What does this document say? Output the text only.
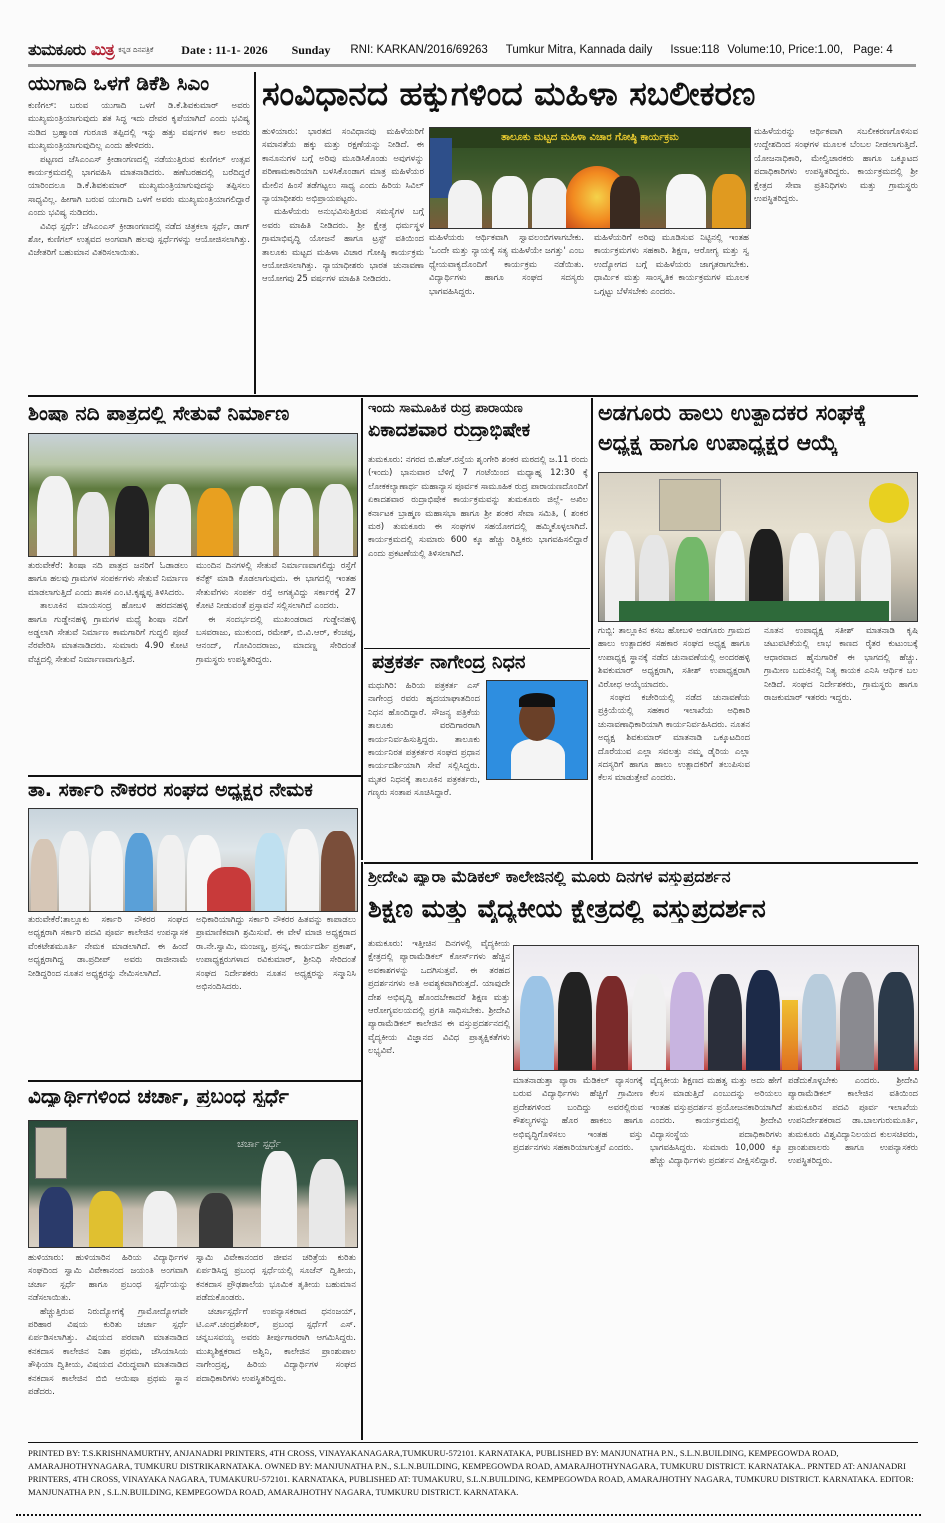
ತುಮಕೂರು ಮಿತ್ರ ಕನ್ನಡ ದಿನಪತ್ರಿಕೆ Date : 11-1- 2026 Sunday RNI: KARKAN/2016/69263 Tumkur Mitra, Kannada daily Issue:118 Volume:10, Price:1.00, Page: 4
ಯುಗಾದಿ ಒಳಗೆ ಡಿಕೆಶಿ ಸಿಎಂ

ಕುಣಿಗಲ್: ಬರುವ ಯುಗಾದಿ ಒಳಗೆ ಡಿ.ಕೆ.ಶಿವಕುಮಾರ್ ಅವರು ಮುಖ್ಯಮಂತ್ರಿಯಾಗುವುದು ಶತ ಸಿದ್ಧ ಇದು ದೇವರ ಕೃಪೆಯಾಗಿದೆ ಎಂದು ಭವಿಷ್ಯ ನುಡಿದ ಬ್ರಹ್ಮಾಂಡ ಗುರೂಜಿ ತಪ್ಪಿದಲ್ಲಿ ಇನ್ನು ಹತ್ತು ವರ್ಷಗಳ ಕಾಲ ಅವರು ಮುಖ್ಯಮಂತ್ರಿಯಾಗುವುದಿಲ್ಲ ಎಂದು ಹೇಳಿದರು.

ಪಟ್ಟಣದ ಜೆಸಿಎಂಎಸ್ ಕ್ರೀಡಾಂಗಣದಲ್ಲಿ ನಡೆಯುತ್ತಿರುವ ಕುಣಿಗಲ್ ಉತ್ಸವ ಕಾರ್ಯಕ್ರಮದಲ್ಲಿ ಭಾಗವಹಿಸಿ ಮಾತನಾಡಿದರು. ಹಣೆಬರಹದಲ್ಲಿ ಬರೆದಿದ್ದರೆ ಯಾರಿಂದಲೂ ಡಿ.ಕೆ.ಶಿವಕುಮಾರ್ ಮುಖ್ಯಮಂತ್ರಿಯಾಗುವುದನ್ನು ತಪ್ಪಿಸಲು ಸಾಧ್ಯವಿಲ್ಲ. ಹೀಗಾಗಿ ಬರುವ ಯುಗಾದಿ ಒಳಗೆ ಅವರು ಮುಖ್ಯಮಂತ್ರಿಯಾಗಲಿದ್ದಾರೆ ಎಂದು ಭವಿಷ್ಯ ನುಡಿದರು.

ವಿವಿಧ ಸ್ಪರ್ಧೆ: ಜೆಸಿಎಂಎಸ್ ಕ್ರೀಡಾಂಗಣದಲ್ಲಿ ನಡೆದ ಚಿತ್ರಕಲಾ ಸ್ಪರ್ಧೆ, ಡಾಗ್ ಶೋ, ಕುಣಿಗಲ್ ಉತ್ಸವದ ಅಂಗವಾಗಿ ಹಲವು ಸ್ಪರ್ಧೆಗಳನ್ನು ಆಯೋಜಿಸಲಾಗಿತ್ತು. ವಿಜೇತರಿಗೆ ಬಹುಮಾನ ವಿತರಿಸಲಾಯಿತು.

ಸಂವಿಧಾನದ ಹಕ್ಕುಗಳಿಂದ ಮಹಿಳಾ ಸಬಲೀಕರಣ

ಹುಳಿಯಾರು: ಭಾರತದ ಸಂವಿಧಾನವು ಮಹಿಳೆಯರಿಗೆ ಸಮಾನತೆಯ ಹಕ್ಕು ಮತ್ತು ರಕ್ಷಣೆಯನ್ನು ನೀಡಿದೆ. ಈ ಕಾನೂನುಗಳ ಬಗ್ಗೆ ಅರಿವು ಮೂಡಿಸಿಕೊಂಡು ಅವುಗಳನ್ನು ಪರಿಣಾಮಕಾರಿಯಾಗಿ ಬಳಸಿಕೊಂಡಾಗ ಮಾತ್ರ ಮಹಿಳೆಯರ ಮೇಲಿನ ಹಿಂಸೆ ತಡೆಗಟ್ಟಲು ಸಾಧ್ಯ ಎಂದು ಹಿರಿಯ ಸಿವಿಲ್ ನ್ಯಾಯಾಧೀಶರು ಅಭಿಪ್ರಾಯಪಟ್ಟರು.

ಮಹಿಳೆಯರು ಅನುಭವಿಸುತ್ತಿರುವ ಸಮಸ್ಯೆಗಳ ಬಗ್ಗೆ ಅವರು ಮಾಹಿತಿ ನೀಡಿದರು. ಶ್ರೀ ಕ್ಷೇತ್ರ ಧರ್ಮಸ್ಥಳ ಗ್ರಾಮಾಭಿವೃದ್ಧಿ ಯೋಜನೆ ಹಾಗೂ ಟ್ರಸ್ಟ್ ವತಿಯಿಂದ ತಾಲೂಕು ಮಟ್ಟದ ಮಹಿಳಾ ವಿಚಾರ ಗೋಷ್ಠಿ ಕಾರ್ಯಕ್ರಮ ಆಯೋಜಿಸಲಾಗಿತ್ತು. ನ್ಯಾಯಾಧೀಶರು ಭಾರತ ಚುನಾವಣಾ ಆಯೋಗವು 25 ವರ್ಷಗಳ ಮಾಹಿತಿ ನೀಡಿದರು.

ತಾಲೂಕು ಮಟ್ಟದ ಮಹಿಳಾ ವಿಚಾರ ಗೋಷ್ಠಿ ಕಾರ್ಯಕ್ರಮ

ಮಹಿಳೆಯರು ಆರ್ಥಿಕವಾಗಿ ಸ್ವಾವಲಂಬಿಗಳಾಗಬೇಕು. 'ಒಂದೇ ಮತ್ತು ನ್ಯಾಯಕ್ಕೆ ಸತ್ಯ ಮಹಿಳೆಯೇ ಜಗತ್ತು' ಎಂಬ ಧ್ಯೇಯವಾಕ್ಯದೊಂದಿಗೆ ಕಾರ್ಯಕ್ರಮ ನಡೆಯಿತು. ವಿದ್ಯಾರ್ಥಿಗಳು ಹಾಗೂ ಸಂಘದ ಸದಸ್ಯರು ಭಾಗವಹಿಸಿದ್ದರು.

ಮಹಿಳೆಯರಿಗೆ ಅರಿವು ಮೂಡಿಸುವ ನಿಟ್ಟಿನಲ್ಲಿ ಇಂತಹ ಕಾರ್ಯಕ್ರಮಗಳು ಸಹಕಾರಿ. ಶಿಕ್ಷಣ, ಆರೋಗ್ಯ ಮತ್ತು ಸ್ವ ಉದ್ಯೋಗದ ಬಗ್ಗೆ ಮಹಿಳೆಯರು ಜಾಗೃತರಾಗಬೇಕು. ಧಾರ್ಮಿಕ ಮತ್ತು ಸಾಂಸ್ಕೃತಿಕ ಕಾರ್ಯಕ್ರಮಗಳ ಮೂಲಕ ಒಗ್ಗಟ್ಟು ಬೆಳೆಸಬೇಕು ಎಂದರು.

ಮಹಿಳೆಯರನ್ನು ಆರ್ಥಿಕವಾಗಿ ಸಬಲೀಕರಣಗೊಳಿಸುವ ಉದ್ದೇಶದಿಂದ ಸಂಘಗಳ ಮೂಲಕ ಬೆಂಬಲ ನೀಡಲಾಗುತ್ತಿದೆ. ಯೋಜನಾಧಿಕಾರಿ, ಮೇಲ್ವಿಚಾರಕರು ಹಾಗೂ ಒಕ್ಕೂಟದ ಪದಾಧಿಕಾರಿಗಳು ಉಪಸ್ಥಿತರಿದ್ದರು. ಕಾರ್ಯಕ್ರಮದಲ್ಲಿ ಶ್ರೀ ಕ್ಷೇತ್ರದ ಸೇವಾ ಪ್ರತಿನಿಧಿಗಳು ಮತ್ತು ಗ್ರಾಮಸ್ಥರು ಉಪಸ್ಥಿತರಿದ್ದರು.

ಶಿಂಷಾ ನದಿ ಪಾತ್ರದಲ್ಲಿ ಸೇತುವೆ ನಿರ್ಮಾಣ

ತುರುವೇಕೆರೆ: ಶಿಂಷಾ ನದಿ ಪಾತ್ರದ ಜನರಿಗೆ ಓಡಾಡಲು ಹಾಗೂ ಹಲವು ಗ್ರಾಮಗಳ ಸಂಪರ್ಕಗಳು ಸೇತುವೆ ನಿರ್ಮಾಣ ಮಾಡಲಾಗುತ್ತಿದೆ ಎಂದು ಶಾಸಕ ಎಂ.ಟಿ.ಕೃಷ್ಣಪ್ಪ ತಿಳಿಸಿದರು.

ತಾಲೂಕಿನ ಮಾಯಸಂದ್ರ ಹೋಬಳಿ ಹರದನಹಳ್ಳಿ ಹಾಗೂ ಗುಡ್ಡೇನಹಳ್ಳಿ ಗ್ರಾಮಗಳ ಮಧ್ಯೆ ಶಿಂಷಾ ನದಿಗೆ ಅಡ್ಡಲಾಗಿ ಸೇತುವೆ ನಿರ್ಮಾಣ ಕಾಮಗಾರಿಗೆ ಗುದ್ದಲಿ ಪೂಜೆ ನೆರವೇರಿಸಿ ಮಾತನಾಡಿದರು. ಸುಮಾರು 4.90 ಕೋಟಿ ವೆಚ್ಚದಲ್ಲಿ ಸೇತುವೆ ನಿರ್ಮಾಣವಾಗುತ್ತಿದೆ.

ಮುಂದಿನ ದಿನಗಳಲ್ಲಿ ಸೇತುವೆ ನಿರ್ಮಾಣವಾಗಲಿದ್ದು ರಸ್ತೆಗೆ ಕನೆಕ್ಟ್ ಮಾಡಿ ಕೊಡಲಾಗುವುದು. ಈ ಭಾಗದಲ್ಲಿ ಇಂತಹ ಸೇತುವೆಗಳು ಸಂಪರ್ಕ ರಸ್ತೆ ಅಗತ್ಯವಿದ್ದು ಸರ್ಕಾರಕ್ಕೆ 27 ಕೋಟಿ ನೀಡುವಂತೆ ಪ್ರಸ್ತಾವನೆ ಸಲ್ಲಿಸಲಾಗಿದೆ ಎಂದರು.

ಈ ಸಂದರ್ಭದಲ್ಲಿ ಮುಖಂಡರಾದ ಗುಡ್ಡೇನಹಳ್ಳಿ ಬಸವರಾಜು, ಮುಕುಂದ, ರಮೇಶ್, ಬಿ.ವಿ.ಆರ್, ಕೆಂಚಪ್ಪ, ಆನಂದ್, ಗೋವಿಂದರಾಜು, ಮಾದಣ್ಣ ಸೇರಿದಂತೆ ಗ್ರಾಮಸ್ಥರು ಉಪಸ್ಥಿತರಿದ್ದರು.

ಇಂದು ಸಾಮೂಹಿಕ ರುದ್ರ ಪಾರಾಯಣ
ಏಕಾದಶವಾರ ರುದ್ರಾಭಿಷೇಕ

ತುಮಕೂರು: ನಗರದ ಬಿ.ಹೆಚ್.ರಸ್ತೆಯ ಶೃಂಗೇರಿ ಶಂಕರ ಮಠದಲ್ಲಿ ಜ.11 ರಂದು (ಇಂದು) ಭಾನುವಾರ ಬೆಳಿಗ್ಗೆ 7 ಗಂಟೆಯಿಂದ ಮಧ್ಯಾಹ್ನ 12:30 ಕ್ಕೆ ಲೋಕಕಲ್ಯಾಣಾರ್ಥ ಮಹಾನ್ಯಾಸ ಪೂರ್ವಕ ಸಾಮೂಹಿಕ ರುದ್ರ ಪಾರಾಯಣದೊಂದಿಗೆ ಏಕಾದಶವಾರ ರುದ್ರಾಭಿಷೇಕ ಕಾರ್ಯಕ್ರಮವನ್ನು ತುಮಕೂರು ಜಿಲ್ಲೆ- ಅಖಿಲ ಕರ್ನಾಟಕ ಬ್ರಾಹ್ಮಣ ಮಹಾಸಭಾ ಹಾಗೂ ಶ್ರೀ ಶಂಕರ ಸೇವಾ ಸಮಿತಿ, ( ಶಂಕರ ಮಠ) ತುಮಕೂರು ಈ ಸಂಘಗಳ ಸಹಯೋಗದಲ್ಲಿ ಹಮ್ಮಿಕೊಳ್ಳಲಾಗಿದೆ. ಕಾರ್ಯಕ್ರಮದಲ್ಲಿ ಸುಮಾರು 600 ಕ್ಕೂ ಹೆಚ್ಚು ರಿತ್ವಿಕರು ಭಾಗವಹಿಸಲಿದ್ದಾರೆ ಎಂದು ಪ್ರಕಟಣೆಯಲ್ಲಿ ತಿಳಿಸಲಾಗಿದೆ.

ಪತ್ರಕರ್ತ ನಾಗೇಂದ್ರ ನಿಧನ

ಮಧುಗಿರಿ: ಹಿರಿಯ ಪತ್ರಕರ್ತ ಎಸ್ ನಾಗೇಂದ್ರ ರವರು ಹೃದಯಾಘಾತದಿಂದ ನಿಧನ ಹೊಂದಿದ್ದಾರೆ. ಸೌಜನ್ಯ ಪತ್ರಿಕೆಯ ತಾಲೂಕು ವರದಿಗಾರರಾಗಿ ಕಾರ್ಯನಿರ್ವಹಿಸುತ್ತಿದ್ದರು. ತಾಲೂಕು ಕಾರ್ಯನಿರತ ಪತ್ರಕರ್ತರ ಸಂಘದ ಪ್ರಧಾನ ಕಾರ್ಯದರ್ಶಿಯಾಗಿ ಸೇವೆ ಸಲ್ಲಿಸಿದ್ದರು. ಮೃತರ ನಿಧನಕ್ಕೆ ತಾಲೂಕಿನ ಪತ್ರಕರ್ತರು, ಗಣ್ಯರು ಸಂತಾಪ ಸೂಚಿಸಿದ್ದಾರೆ.

ಅಡಗೂರು ಹಾಲು ಉತ್ಪಾದಕರ ಸಂಘಕ್ಕೆ
ಅಧ್ಯಕ್ಷ ಹಾಗೂ ಉಪಾಧ್ಯಕ್ಷರ ಆಯ್ಕೆ

ಗುಬ್ಬಿ: ತಾಲ್ಲೂಕಿನ ಕಸಬ ಹೋಬಳಿ ಅಡಗೂರು ಗ್ರಾಮದ ಹಾಲು ಉತ್ಪಾದಕರ ಸಹಕಾರ ಸಂಘದ ಅಧ್ಯಕ್ಷ ಹಾಗೂ ಉಪಾಧ್ಯಕ್ಷ ಸ್ಥಾನಕ್ಕೆ ನಡೆದ ಚುನಾವಣೆಯಲ್ಲಿ ಅಂದರಹಳ್ಳಿ ಶಿವಕುಮಾರ್ ಅಧ್ಯಕ್ಷರಾಗಿ, ಸತೀಶ್ ಉಪಾಧ್ಯಕ್ಷರಾಗಿ ವಿರೋಧ ಆಯ್ಕೆಯಾದರು.

ಸಂಘದ ಕಚೇರಿಯಲ್ಲಿ ನಡೆದ ಚುನಾವಣೆಯ ಪ್ರಕ್ರಿಯೆಯಲ್ಲಿ ಸಹಕಾರ ಇಲಾಖೆಯ ಅಧಿಕಾರಿ ಚುನಾವಣಾಧಿಕಾರಿಯಾಗಿ ಕಾರ್ಯನಿರ್ವಹಿಸಿದರು. ನೂತನ ಅಧ್ಯಕ್ಷ ಶಿವಕುಮಾರ್ ಮಾತನಾಡಿ ಒಕ್ಕೂಟದಿಂದ ದೊರೆಯುವ ಎಲ್ಲಾ ಸವಲತ್ತು ನಮ್ಮ ಡೈರಿಯ ಎಲ್ಲಾ ಸದಸ್ಯರಿಗೆ ಹಾಗೂ ಹಾಲು ಉತ್ಪಾದಕರಿಗೆ ತಲುಪಿಸುವ ಕೆಲಸ ಮಾಡುತ್ತೇವೆ ಎಂದರು.

ನೂತನ ಉಪಾಧ್ಯಕ್ಷ ಸತೀಶ್ ಮಾತನಾಡಿ ಕೃಷಿ ಚಟುವಟಿಕೆಯಲ್ಲಿ ಲಾಭ ಕಾಣದ ರೈತರ ಕುಟುಂಬಕ್ಕೆ ಆಧಾರವಾದ ಹೈನುಗಾರಿಕೆ ಈ ಭಾಗದಲ್ಲಿ ಹೆಚ್ಚು. ಗ್ರಾಮೀಣ ಬದುಕಿನಲ್ಲಿ ನಿತ್ಯ ಕಾಯಕ ಎನಿಸಿ ಆರ್ಥಿಕ ಬಲ ನೀಡಿದೆ. ಸಂಘದ ನಿರ್ದೇಶಕರು, ಗ್ರಾಮಸ್ಥರು ಹಾಗೂ ರಾಜಕುಮಾರ್ ಇತರರು ಇದ್ದರು.

ತಾ. ಸರ್ಕಾರಿ ನೌಕರರ ಸಂಘದ ಅಧ್ಯಕ್ಷರ ನೇಮಕ

ತುರುವೇಕೆರೆ:ತಾಲ್ಲೂಕು ಸರ್ಕಾರಿ ನೌಕರರ ಸಂಘದ ಅಧ್ಯಕ್ಷರಾಗಿ ಸರ್ಕಾರಿ ಪದವಿ ಪೂರ್ವ ಕಾಲೇಜಿನ ಉಪನ್ಯಾಸಕ ವೆಂಕಟೇಶಮೂರ್ತಿ ನೇಮಕ ಮಾಡಲಾಗಿದೆ. ಈ ಹಿಂದೆ ಅಧ್ಯಕ್ಷರಾಗಿದ್ದ ಡಾ.ಪ್ರದೀಪ್ ಅವರು ರಾಜೀನಾಮೆ ನೀಡಿದ್ದರಿಂದ ನೂತನ ಅಧ್ಯಕ್ಷರನ್ನು ನೇಮಿಸಲಾಗಿದೆ.

ಅಧಿಕಾರಿಯಾಗಿದ್ದು ಸರ್ಕಾರಿ ನೌಕರರ ಹಿತವನ್ನು ಕಾಪಾಡಲು ಪ್ರಾಮಾಣಿಕವಾಗಿ ಶ್ರಮಿಸುವೆ. ಈ ವೇಳೆ ಮಾಜಿ ಅಧ್ಯಕ್ಷರಾದ ರಾ.ನೇ.ಸ್ವಾಮಿ, ಮಂಜಣ್ಣ, ಪ್ರಸನ್ನ, ಕಾರ್ಯದರ್ಶಿ ಪ್ರಕಾಶ್, ಉಪಾಧ್ಯಕ್ಷರುಗಳಾದ ರವಿಕುಮಾರ್, ಶ್ರೀನಿಧಿ ಸೇರಿದಂತೆ ಸಂಘದ ನಿರ್ದೇಶಕರು ನೂತನ ಅಧ್ಯಕ್ಷರನ್ನು ಸನ್ಮಾನಿಸಿ ಅಭಿನಂದಿಸಿದರು.

ಶ್ರೀದೇವಿ ಪ್ಯಾರಾ ಮೆಡಿಕಲ್ ಕಾಲೇಜಿನಲ್ಲಿ ಮೂರು ದಿನಗಳ ವಸ್ತುಪ್ರದರ್ಶನ
ಶಿಕ್ಷಣ ಮತ್ತು ವೈದ್ಯಕೀಯ ಕ್ಷೇತ್ರದಲ್ಲಿ ವಸ್ತುಪ್ರದರ್ಶನ

ತುಮಕೂರು: ಇತ್ತೀಚಿನ ದಿನಗಳಲ್ಲಿ ವೈದ್ಯಕೀಯ ಕ್ಷೇತ್ರದಲ್ಲಿ ಪ್ಯಾರಾಮೆಡಿಕಲ್ ಕೋರ್ಸ್‌ಗಳು ಹೆಚ್ಚಿನ ಅವಕಾಶಗಳನ್ನು ಒದಗಿಸುತ್ತವೆ. ಈ ತರಹದ ಪ್ರದರ್ಶನಗಳು ಅತಿ ಅವಶ್ಯಕವಾಗಿರುತ್ತದೆ. ಯಾವುದೇ ದೇಶ ಅಭಿವೃದ್ಧಿ ಹೊಂದಬೇಕಾದರೆ ಶಿಕ್ಷಣ ಮತ್ತು ಆರೋಗ್ಯವಲಯದಲ್ಲಿ ಪ್ರಗತಿ ಸಾಧಿಸಬೇಕು. ಶ್ರೀದೇವಿ ಪ್ಯಾರಾಮೆಡಿಕಲ್ ಕಾಲೇಜಿನ ಈ ವಸ್ತುಪ್ರದರ್ಶನದಲ್ಲಿ ವೈದ್ಯಕೀಯ ವಿಜ್ಞಾನದ ವಿವಿಧ ಪ್ರಾತ್ಯಕ್ಷಿಕತೆಗಳು ಲಭ್ಯವಿವೆ.

ಮಾತನಾಡುತ್ತಾ ಪ್ಯಾರಾ ಮೆಡಿಕಲ್ ವ್ಯಾಸಂಗಕ್ಕೆ ಬರುವ ವಿದ್ಯಾರ್ಥಿಗಳು ಹೆಚ್ಚಿಗೆ ಗ್ರಾಮೀಣ ಪ್ರದೇಶಗಳಿಂದ ಬಂದಿದ್ದು ಅವರಲ್ಲಿರುವ ಕೌಶಲ್ಯಗಳನ್ನು ಹೊರ ಹಾಕಲು ಹಾಗೂ ಅಭಿವೃದ್ಧಿಗೊಳಿಸಲು ಇಂತಹ ವಸ್ತು ಪ್ರದರ್ಶನಗಳು ಸಹಕಾರಿಯಾಗುತ್ತವೆ ಎಂದರು.

ವೈದ್ಯಕೀಯ ಶಿಕ್ಷಣದ ಮಹತ್ವ ಮತ್ತು ಅದು ಹೇಗೆ ಕೆಲಸ ಮಾಡುತ್ತಿದೆ ಎಂಬುದನ್ನು ಅರಿಯಲು ಇಂತಹ ವಸ್ತುಪ್ರದರ್ಶನ ಪ್ರಯೋಜನಕಾರಿಯಾಗಿದೆ ಎಂದರು. ಕಾರ್ಯಕ್ರಮದಲ್ಲಿ ಶ್ರೀದೇವಿ ವಿದ್ಯಾಸಂಸ್ಥೆಯ ಪದಾಧಿಕಾರಿಗಳು ಭಾಗವಹಿಸಿದ್ದರು. ಸುಮಾರು 10,000 ಕ್ಕೂ ಹೆಚ್ಚು ವಿದ್ಯಾರ್ಥಿಗಳು ಪ್ರದರ್ಶನ ವೀಕ್ಷಿಸಲಿದ್ದಾರೆ.

ಪಡೆದುಕೊಳ್ಳಬೇಕು ಎಂದರು. ಶ್ರೀದೇವಿ ಪ್ಯಾರಾಮೆಡಿಕಲ್ ಕಾಲೇಜಿನ ವತಿಯಿಂದ ತುಮಕೂರಿನ ಪದವಿ ಪೂರ್ವ ಇಲಾಖೆಯ ಉಪನಿರ್ದೇಶಕರಾದ ಡಾ.ಬಾಲಗುರುಮೂರ್ತಿ, ತುಮಕೂರು ವಿಶ್ವವಿದ್ಯಾನಿಲಯದ ಕುಲಸಚಿವರು, ಪ್ರಾಂಶುಪಾಲರು ಹಾಗೂ ಉಪನ್ಯಾಸಕರು ಉಪಸ್ಥಿತರಿದ್ದರು.

ವಿದ್ಯಾರ್ಥಿಗಳಿಂದ ಚರ್ಚಾ, ಪ್ರಬಂಧ ಸ್ಪರ್ಧೆ
ಚರ್ಚಾ ಸ್ಪರ್ಧೆ

ಹುಳಿಯಾರು: ಹುಳಿಯಾರಿನ ಹಿರಿಯ ವಿದ್ಯಾರ್ಥಿಗಳ ಸಂಘದಿಂದ ಸ್ವಾಮಿ ವಿವೇಕಾನಂದ ಜಯಂತಿ ಅಂಗವಾಗಿ ಚರ್ಚಾ ಸ್ಪರ್ಧೆ ಹಾಗೂ ಪ್ರಬಂಧ ಸ್ಪರ್ಧೆಯನ್ನು ನಡೆಸಲಾಯಿತು.

ಹೆಚ್ಚುತ್ತಿರುವ ನಿರುದ್ಯೋಗಕ್ಕೆ ಗ್ರಾಮೋದ್ಯೋಗವೇ ಪರಿಹಾರ ವಿಷಯ ಕುರಿತು ಚರ್ಚಾ ಸ್ಪರ್ಧೆ ಏರ್ಪಡಿಸಲಾಗಿತ್ತು. ವಿಷಯದ ಪರವಾಗಿ ಮಾತನಾಡಿದ ಕನಕದಾಸ ಕಾಲೇಜಿನ ನಿಶಾ ಪ್ರಥಮ, ಜೆಸಿಯಾಸಿಯ ತೌಫಿಯಾ ದ್ವಿತೀಯ, ವಿಷಯದ ವಿರುದ್ಧವಾಗಿ ಮಾತನಾಡಿದ ಕನಕದಾಸ ಕಾಲೇಜಿನ ಬಿಬಿ ಆಯಿಷಾ ಪ್ರಥಮ ಸ್ಥಾನ ಪಡೆದರು.

ಸ್ವಾಮಿ ವಿವೇಕಾನಂದರ ಜೀವನ ಚರಿತ್ರೆಯ ಕುರಿತು ಏರ್ಪಡಿಸಿದ್ದ ಪ್ರಬಂಧ ಸ್ಪರ್ಧೆಯಲ್ಲಿ ಸೂಜೆನ್ ದ್ವಿತೀಯ, ಕನಕದಾಸ ಪ್ರೌಢಶಾಲೆಯ ಭೂಮಿಕ ತೃತೀಯ ಬಹುಮಾನ ಪಡೆದುಕೊಂಡರು.

ಚರ್ಚಾಸ್ಪರ್ಧೆಗೆ ಉಪನ್ಯಾಸಕರಾದ ಧನಂಜಯ್, ಟಿ.ಎಸ್.ಚಂದ್ರಶೇಖರ್, ಪ್ರಬಂಧ ಸ್ಪರ್ಧೆಗೆ ಎಸ್. ಚನ್ನಬಸವಯ್ಯ ಅವರು ತೀರ್ಪುಗಾರರಾಗಿ ಆಗಮಿಸಿದ್ದರು. ಮುಖ್ಯಶಿಕ್ಷಕರಾದ ಅಶ್ವಿನಿ, ಕಾಲೇಜಿನ ಪ್ರಾಂಶುಪಾಲ ನಾಗೇಂದ್ರಪ್ಪ, ಹಿರಿಯ ವಿದ್ಯಾರ್ಥಿಗಳ ಸಂಘದ ಪದಾಧಿಕಾರಿಗಳು ಉಪಸ್ಥಿತರಿದ್ದರು.

PRINTED BY: T.S.KRISHNAMURTHY, ANJANADRI PRINTERS, 4TH CROSS, VINAYAKANAGARA,TUMKURU-572101. KARNATAKA, PUBLISHED BY: MANJUNATHA P.N., S.L.N.BUILDING, KEMPEGOWDA ROAD, AMARAJHOTHYNAGARA, TUMKURU DISTRIKARNATAKA. OWNED BY: MANJUNATHA P.N., S.L.N.BUILDING, KEMPEGOWDA ROAD, AMARAJHOTHYNAGARA, TUMKURU DISTRICT. KARNATAKA.. PRNTED AT: ANJANADRI PRINTERS, 4TH CROSS, VINAYAKA NAGARA, TUMAKURU-572101. KARNATAKA, PUBLISHED AT: TUMAKURU, S.L.N.BUILDING, KEMPEGOWDA ROAD, AMARAJHOTHY NAGARA, TUMKURU DISTRICT. KARNATAKA. EDITOR: MANJUNATHA P.N , S.L.N.BUILDING, KEMPEGOWDA ROAD, AMARAJHOTHY NAGARA, TUMKURU DISTRICT. KARNATAKA.
